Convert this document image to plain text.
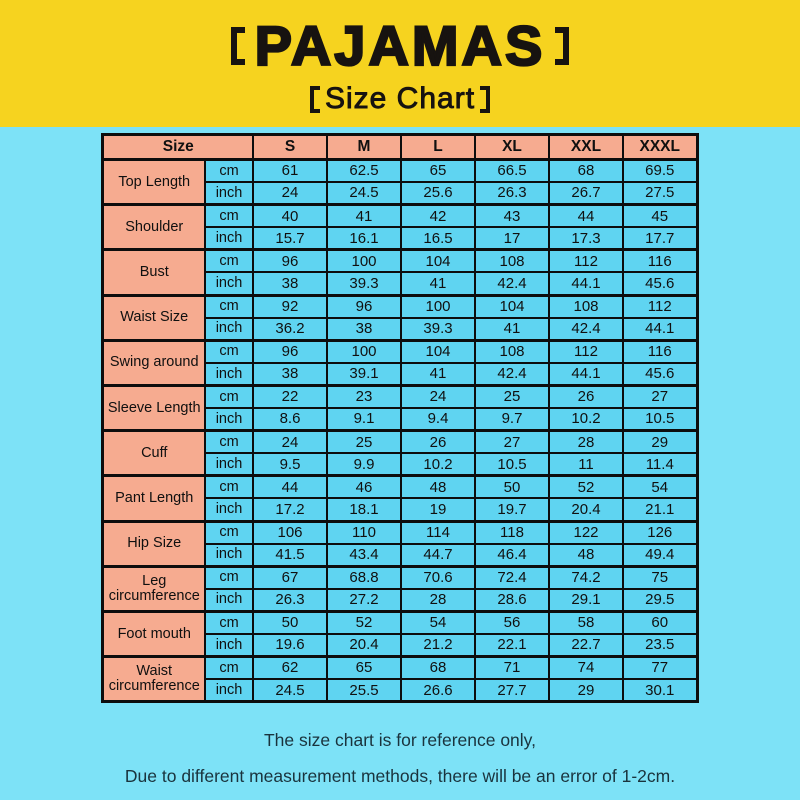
PAJAMAS
Size Chart
Size		S	M	L	XL	XXL	XXXL
Top Length	cm	61	62.5	65	66.5	68	69.5
	inch	24	24.5	25.6	26.3	26.7	27.5
Shoulder	cm	40	41	42	43	44	45
	inch	15.7	16.1	16.5	17	17.3	17.7
Bust	cm	96	100	104	108	112	116
	inch	38	39.3	41	42.4	44.1	45.6
Waist Size	cm	92	96	100	104	108	112
	inch	36.2	38	39.3	41	42.4	44.1
Swing around	cm	96	100	104	108	112	116
	inch	38	39.1	41	42.4	44.1	45.6
Sleeve Length	cm	22	23	24	25	26	27
	inch	8.6	9.1	9.4	9.7	10.2	10.5
Cuff	cm	24	25	26	27	28	29
	inch	9.5	9.9	10.2	10.5	11	11.4
Pant Length	cm	44	46	48	50	52	54
	inch	17.2	18.1	19	19.7	20.4	21.1
Hip Size	cm	106	110	114	118	122	126
	inch	41.5	43.4	44.7	46.4	48	49.4
Leg circumference	cm	67	68.8	70.6	72.4	74.2	75
	inch	26.3	27.2	28	28.6	29.1	29.5
Foot mouth	cm	50	52	54	56	58	60
	inch	19.6	20.4	21.2	22.1	22.7	23.5
Waist circumference	cm	62	65	68	71	74	77
	inch	24.5	25.5	26.6	27.7	29	30.1
The size chart is for reference only,
Due to different measurement methods, there will be an error of 1-2cm.
